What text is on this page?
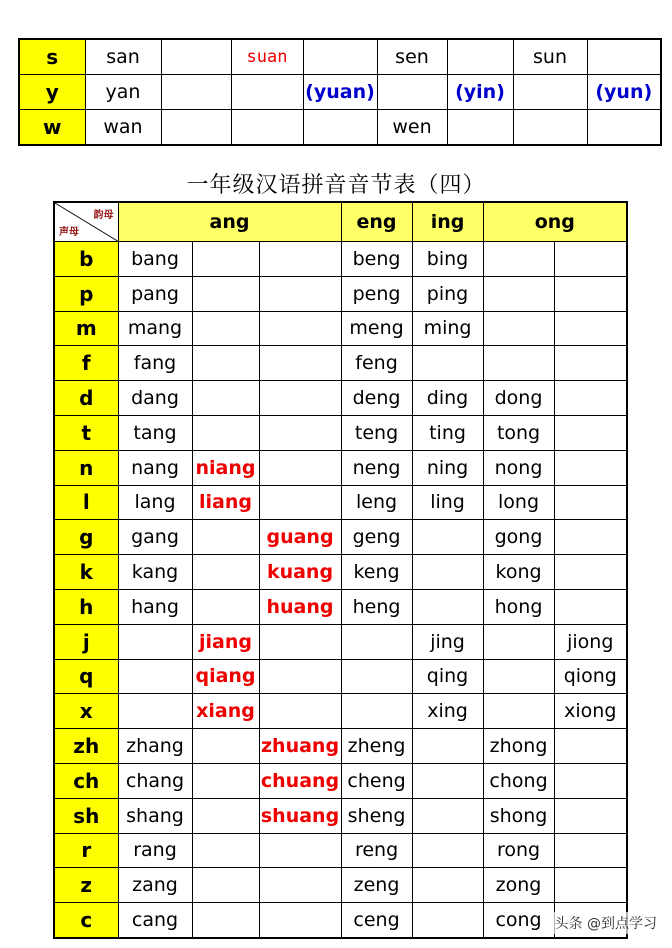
s	san		suan		sen		sun	
y	yan			(yuan)		(yin)		(yun)
w	wan				wen			
一年级汉语拼音音节表（四）
韵母
声母	ang			eng	ing	ong	
b	bang			beng	bing		
p	pang			peng	ping		
m	mang			meng	ming		
f	fang			feng			
d	dang			deng	ding	dong	
t	tang			teng	ting	tong	
n	nang	niang		neng	ning	nong	
l	lang	liang		leng	ling	long	
g	gang		guang	geng		gong	
k	kang		kuang	keng		kong	
h	hang		huang	heng		hong	
j		jiang			jing		jiong
q		qiang			qing		qiong
x		xiang			xing		xiong
zh	zhang		zhuang	zheng		zhong	
ch	chang		chuang	cheng		chong	
sh	shang		shuang	sheng		shong	
r	rang			reng		rong	
z	zang			zeng		zong	
c	cang			ceng		cong	头条 @到点学习
